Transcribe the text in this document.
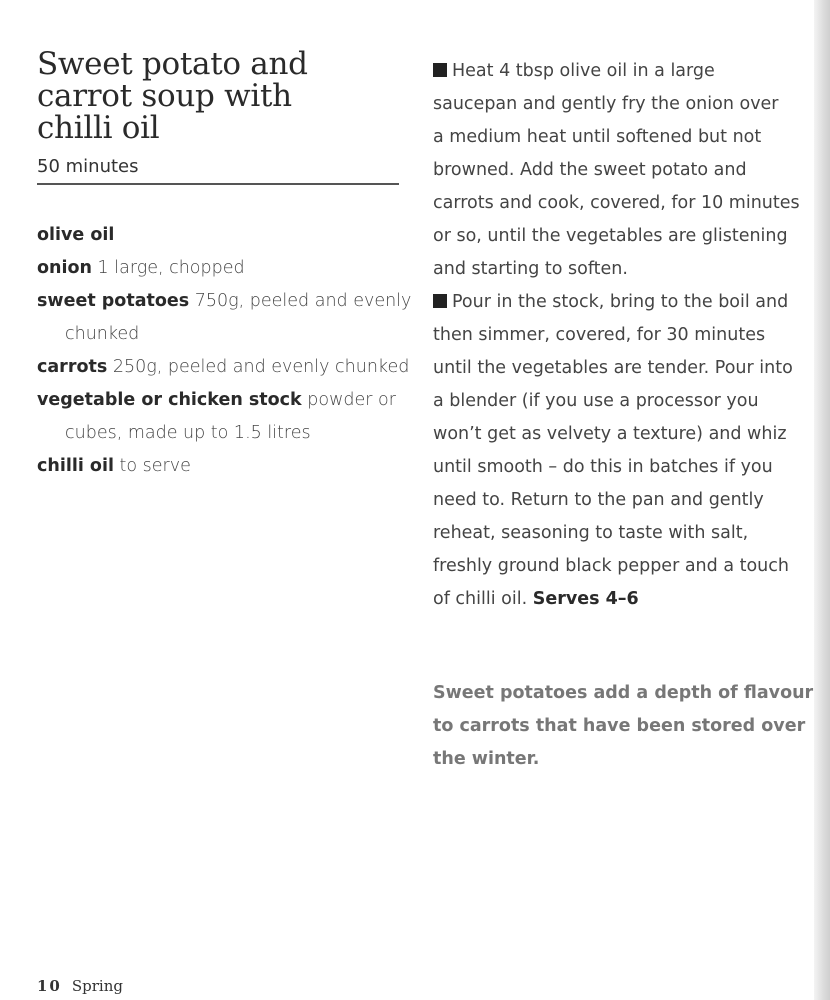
Sweet potato and
carrot soup with
chilli oil
50 minutes
olive oil
onion 1 large, chopped
sweet potatoes 750g, peeled and evenly chunked
carrots 250g, peeled and evenly chunked
vegetable or chicken stock powder or cubes, made up to 1.5 litres
chilli oil to serve
Heat 4 tbsp olive oil in a large
saucepan and gently fry the onion over
a medium heat until softened but not
browned. Add the sweet potato and
carrots and cook, covered, for 10 minutes
or so, until the vegetables are glistening
and starting to soften.
Pour in the stock, bring to the boil and
then simmer, covered, for 30 minutes
until the vegetables are tender. Pour into
a blender (if you use a processor you
won’t get as velvety a texture) and whiz
until smooth – do this in batches if you
need to. Return to the pan and gently
reheat, seasoning to taste with salt,
freshly ground black pepper and a touch
of chilli oil. Serves 4–6
Sweet potatoes add a depth of flavour
to carrots that have been stored over
the winter.
10 Spring
